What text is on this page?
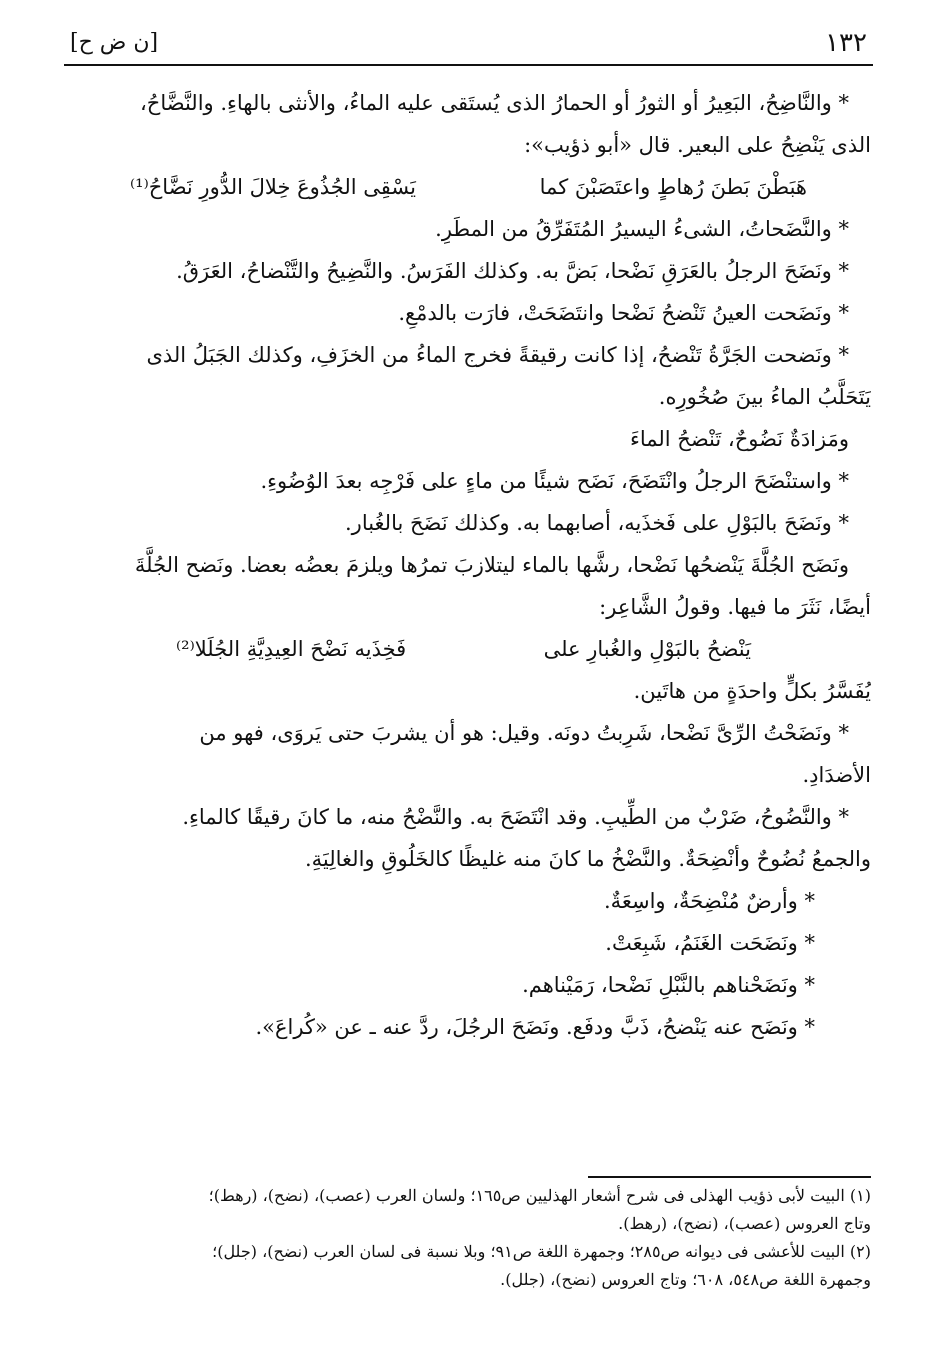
١٣٢
[ن ض ح]
* والنَّاضِحُ، البَعِيرُ أو الثورُ أو الحمارُ الذى يُستَقى عليه الماءُ، والأنثى بالهاءِ. والنَّضَّاحُ،
الذى يَنْضِحُ على البعير. قال «أبو ذؤيب»:
هَبَطْنَ بَطنَ رُهاطٍ واعتَصَبْنَ كما
يَسْقِى الجُذُوعَ خِلالَ الدُّورِ نَضَّاحُ⁽¹⁾
* والنَّضَحاتُ، الشىءُ اليسيرُ المُتَفَرِّقُ من المطَرِ.
* ونَضَحَ الرجلُ بالعَرَقِ نَضْحا، بَضَّ به. وكذلك الفَرَسُ. والنَّضِيحُ والتَّنْضاحُ، العَرَقُ.
* ونَضَحت العينُ تَنْضحُ نَضْحا وانتَضَحَتْ، فارَت بالدمْعِ.
* ونَضحت الجَرَّةُ تَنْضحُ، إذا كانت رقيقةً فخرج الماءُ من الخزَفِ، وكذلك الجَبَلُ الذى
يَتَحَلَّبُ الماءُ بينَ صُخُورِه.
ومَزادَةٌ نَضُوحٌ، تَنْضحُ الماءَ
* واستنْضَحَ الرجلُ وانْتَضَحَ، نَضَح شيئًا من ماءٍ على فَرْجِه بعدَ الوُضُوءِ.
* ونَضَحَ بالبَوْلِ على فَخذَيه، أصابهما به. وكذلك نَضَحَ بالغُبار.
ونَضَح الجُلَّةَ يَنْضحُها نَضْحا، رشَّها بالماء ليتلازبَ تمرُها ويلزمَ بعضُه بعضا. ونَضح الجُلَّةَ
أيضًا، نَثَرَ ما فيها. وقولُ الشَّاعِر:
يَنْضحُ بالبَوْلِ والغُبارِ على
فَخِذَيه نَضْحَ العِيدِيَّةِ الجُلَلا⁽²⁾
يُفَسَّرُ بكلٍّ واحدَةٍ من هاتَين.
* ونَضَحْتُ الرِّىَّ نَضْحا، شَرِبتُ دونَه. وقيل: هو أن يشربَ حتى يَروَى، فهو من
الأضدَادِ.
* والنَّضُوحُ، ضَرْبٌ من الطِّيبِ. وقد انْتَضَحَ به. والنَّضْحُ منه، ما كانَ رقيقًا كالماءِ.
والجمعُ نُضُوحٌ وأنْضِحَةٌ. والنَّضْخُ ما كانَ منه غليظًا كالخَلُوقِ والغالِيَةِ.
* وأرضٌ مُنْضِحَةٌ، واسِعَةٌ.
* ونَضَحَت الغَنَمُ، شَبِعَتْ.
* ونَضَحْناهم بالنَّبْلِ نَضْحا، رَمَيْناهم.
* ونَضَح عنه يَنْضحُ، ذَبَّ ودفَع. ونَضَحَ الرجُلَ، ردَّ عنه ـ عن «كُراعَ».
(١) البيت لأبى ذؤيب الهذلى فى شرح أشعار الهذليين ص١٦٥؛ ولسان العرب (عصب)، (نضح)، (رهط)؛
وتاج العروس (عصب)، (نضح)، (رهط).
(٢) البيت للأعشى فى ديوانه ص٢٨٥؛ وجمهرة اللغة ص٩١؛ وبلا نسبة فى لسان العرب (نضح)، (جلل)؛
وجمهرة اللغة ص٥٤٨، ٦٠٨؛ وتاج العروس (نضح)، (جلل).
